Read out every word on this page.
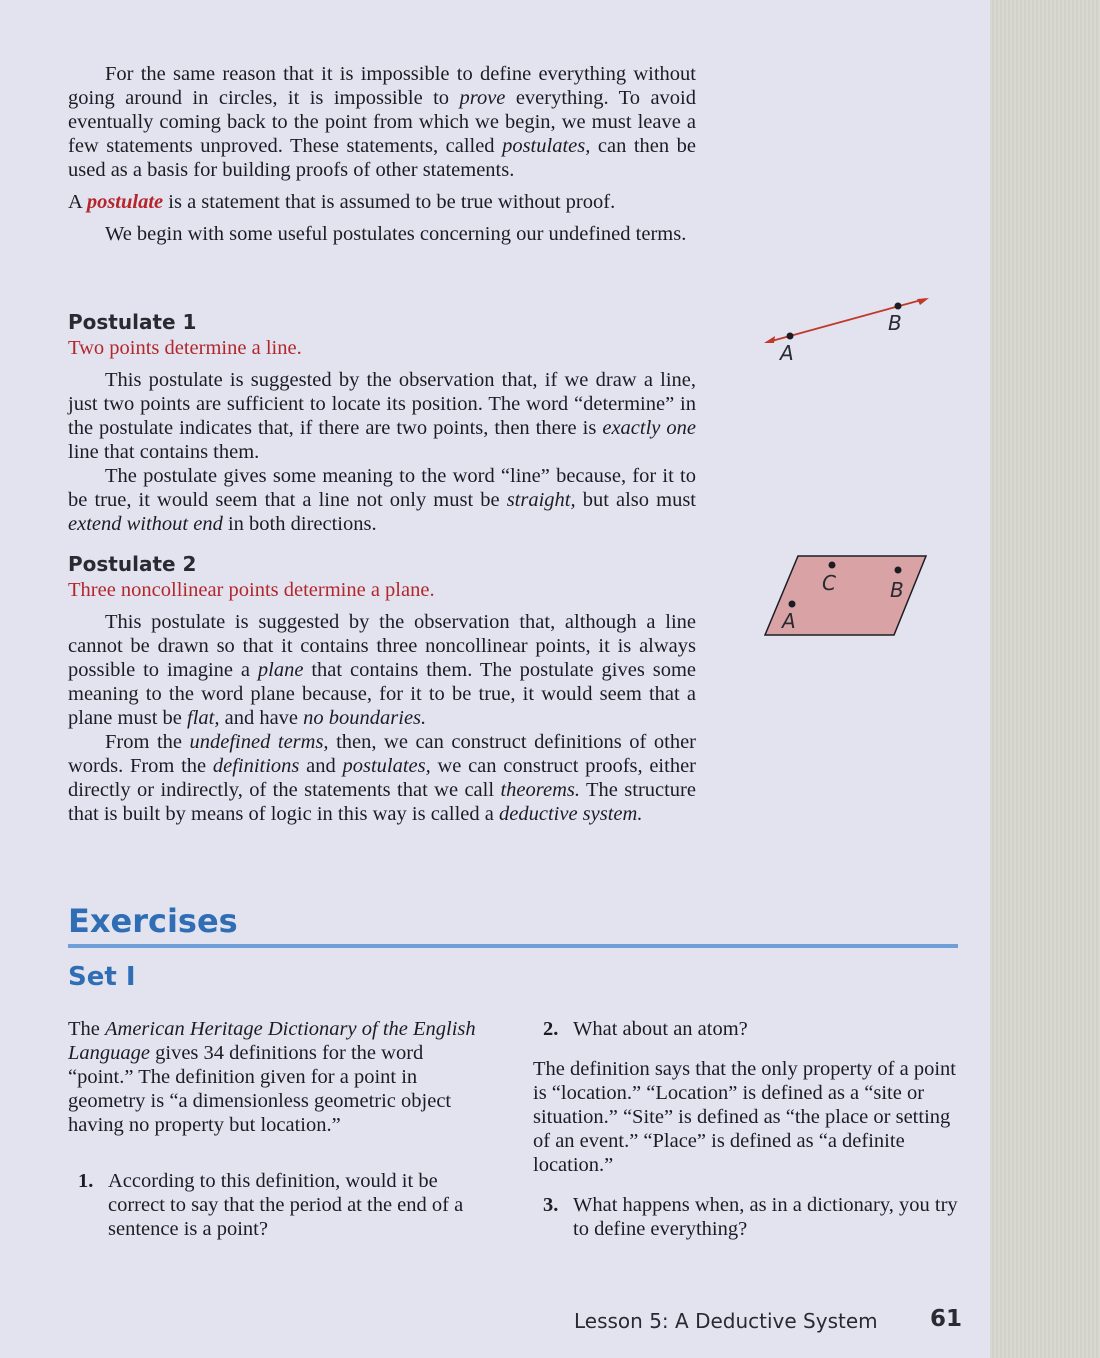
For the same reason that it is impossible to define everything without going around in circles, it is impossible to prove everything. To avoid eventually coming back to the point from which we begin, we must leave a few statements unproved. These statements, called postulates, can then be used as a basis for building proofs of other statements.

A postulate is a statement that is assumed to be true without proof.

We begin with some useful postulates concerning our undefined terms.

Postulate 1
Two points determine a line.

This postulate is suggested by the observation that, if we draw a line, just two points are sufficient to locate its position. The word “determine” in the postulate indicates that, if there are two points, then there is exactly one line that contains them.

The postulate gives some meaning to the word “line” because, for it to be true, it would seem that a line not only must be straight, but also must extend without end in both directions.

A
B
Postulate 2
Three noncollinear points determine a plane.

This postulate is suggested by the observation that, although a line cannot be drawn so that it contains three noncollinear points, it is always possible to imagine a plane that contains them. The postulate gives some meaning to the word plane because, for it to be true, it would seem that a plane must be flat, and have no boundaries.

From the undefined terms, then, we can construct definitions of other words. From the definitions and postulates, we can construct proofs, either directly or indirectly, of the statements that we call theorems. The structure that is built by means of logic in this way is called a deductive system.

A
C	B
Exercises
Set I

The American Heritage Dictionary of the English Language gives 34 definitions for the word “point.” The definition given for a point in geometry is “a dimensionless geometric object having no property but location.”

1. According to this definition, would it be correct to say that the period at the end of a sentence is a point?
2. What about an atom?

The definition says that the only property of a point is “location.” “Location” is defined as a “site or situation.” “Site” is defined as “the place or setting of an event.” “Place” is defined as “a definite location.”

3. What happens when, as in a dictionary, you try to define everything?
Lesson 5: A Deductive System 61
